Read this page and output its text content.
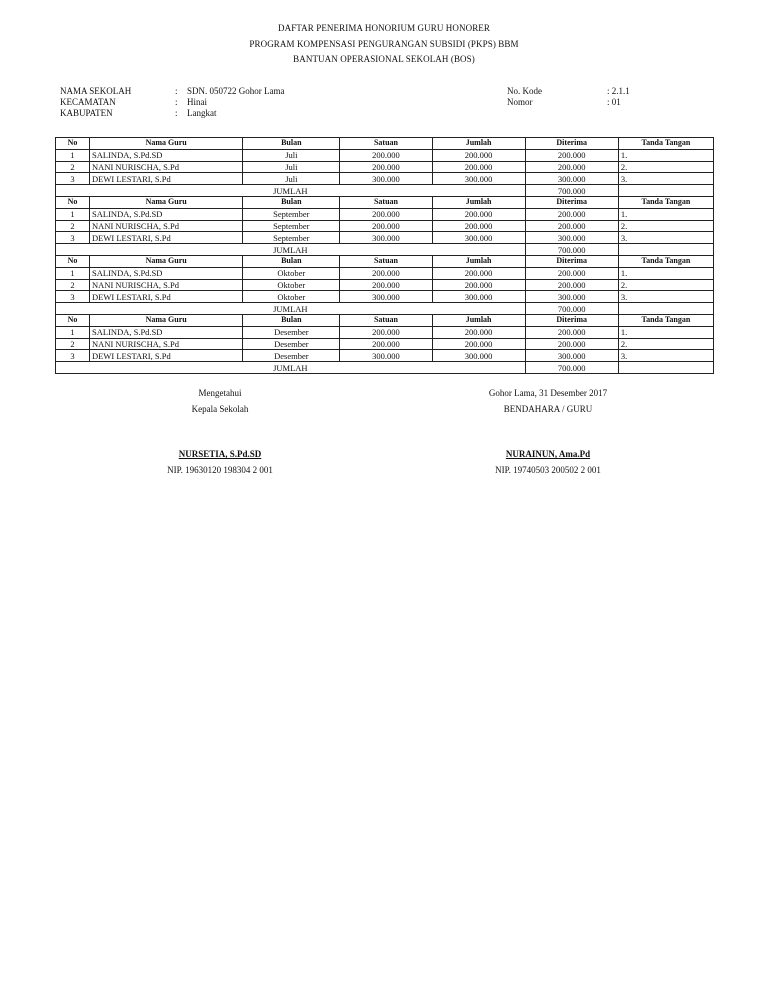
DAFTAR PENERIMA HONORIUM GURU HONORER
PROGRAM KOMPENSASI PENGURANGAN SUBSIDI (PKPS) BBM
BANTUAN OPERASIONAL SEKOLAH (BOS)
NAMA SEKOLAH	:	SDN. 050722 Gohor Lama
KECAMATAN	:	Hinai
KABUPATEN	:	Langkat
No. Kode	: 2.1.1
Nomor	: 01
No	Nama Guru	Bulan	Satuan	Jumlah	Diterima	Tanda Tangan
1	SALINDA, S.Pd.SD	Juli	200.000	200.000	200.000	1.
2	NANI NURISCHA, S.Pd	Juli	200.000	200.000	200.000	2.
3	DEWI LESTARI, S.Pd	Juli	300.000	300.000	300.000	3.
JUMLAH					700.000	
No	Nama Guru	Bulan	Satuan	Jumlah	Diterima	Tanda Tangan
1	SALINDA, S.Pd.SD	September	200.000	200.000	200.000	1.
2	NANI NURISCHA, S.Pd	September	200.000	200.000	200.000	2.
3	DEWI LESTARI, S.Pd	September	300.000	300.000	300.000	3.
JUMLAH					700.000	
No	Nama Guru	Bulan	Satuan	Jumlah	Diterima	Tanda Tangan
1	SALINDA, S.Pd.SD	Oktober	200.000	200.000	200.000	1.
2	NANI NURISCHA, S.Pd	Oktober	200.000	200.000	200.000	2.
3	DEWI LESTARI, S.Pd	Oktober	300.000	300.000	300.000	3.
JUMLAH					700.000	
No	Nama Guru	Bulan	Satuan	Jumlah	Diterima	Tanda Tangan
1	SALINDA, S.Pd.SD	Desember	200.000	200.000	200.000	1.
2	NANI NURISCHA, S.Pd	Desember	200.000	200.000	200.000	2.
3	DEWI LESTARI, S.Pd	Desember	300.000	300.000	300.000	3.
JUMLAH					700.000	
Mengetahui
Kepala Sekolah
NURSETIA, S.Pd.SD
NIP. 19630120 198304 2 001
Gohor Lama, 31 Desember 2017
BENDAHARA / GURU
NURAINUN, Ama.Pd
NIP. 19740503 200502 2 001
